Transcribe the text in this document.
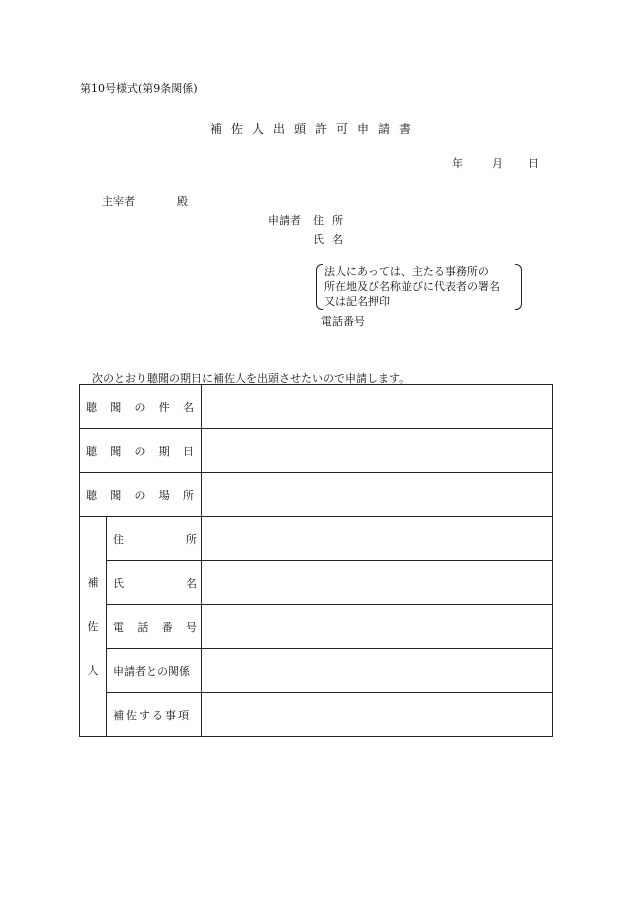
第10号様式(第9条関係)
補佐人出頭許可申請書
年	月 日
主宰者	殿
申請者 住所
氏名
法人にあっては、主たる事務所の
所在地及び名称並びに代表者の署名
又は記名押印
電話番号
次のとおり聴聞の期日に補佐人を出頭させたいので申請します。
聴 聞 の 件 名		

聴 聞 の 期 日		

聴 聞 の 場 所		

補
佐
人	住 所	

	氏 名	

	電 話 番 号	

	申請者との関係	
	補佐する事項	
